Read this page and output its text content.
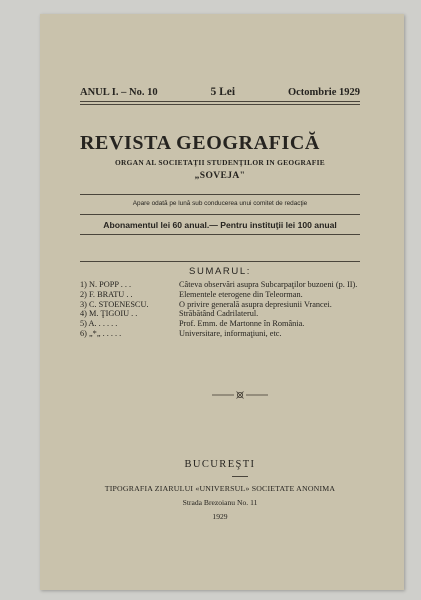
ANUL I. – No. 10	5 Lei	Octombrie 1929
REVISTA GEOGRAFICĂ
ORGAN AL SOCIETAŢII STUDENŢILOR IN GEOGRAFIE
„SOVEJA"
Apare odată pe lună sub conducerea unui comitet de redacţie
Abonamentul lei 60 anual.— Pentru instituţii lei 100 anual
SUMARUL:
1) N. POPP . . .	Câteva observări asupra Subcarpaţilor buzoeni (p. II).
2) F. BRATU . .	Elementele eterogene din Teleorman.
3) C. STOENESCU.	O privire generală asupra depresiunii Vrancei.
4) M. ŢIGOIU . .	Străbătând Cadrilaterul.
5) A. . . . . .	Prof. Emm. de Martonne în România.
6) „*„ . . . . .	Universitare, informaţiuni, etc.
BUCUREŞTI
TIPOGRAFIA ZIARULUI «UNIVERSUL» SOCIETATE ANONIMA
Strada Brezoianu No. 11
1929
